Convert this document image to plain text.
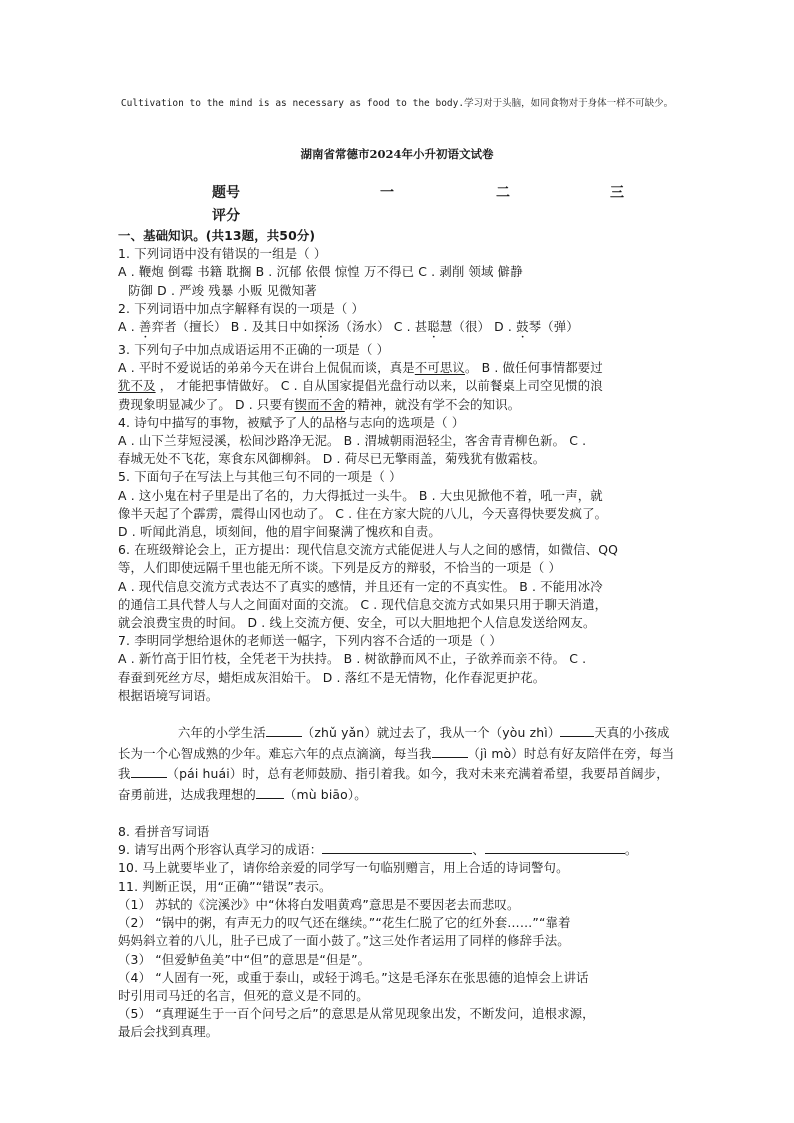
Cultivation to the mind is as necessary as food to the body.学习对于头脑，如同食物对于身体一样不可缺少。
湖南省常德市2024年小升初语文试卷
题号	一	二	三
评分

一、基础知识。(共13题，共50分)

1. 下列词语中没有错误的一组是（ ）

A . 鞭炮 倒霉 书籍 耽搁 B . 沉郁 依偎 惊惶 万不得已 C . 剥削 领域 僻静

防御 D . 严竣 残暴 小贩 见微知著

2. 下列词语中加点字解释有误的一项是（ ）

A . 善弈者（擅长） B . 及其日中如探汤（汤水） C . 甚聪慧（很） D . 鼓琴（弹）

3. 下列句子中加点成语运用不正确的一项是（ ）

A . 平时不爱说话的弟弟今天在讲台上侃侃而谈，真是不可思议。 B . 做任何事情都要过

犹不及 ， 才能把事情做好。 C . 自从国家提倡光盘行动以来，以前餐桌上司空见惯的浪

费现象明显减少了。 D . 只要有锲而不舍的精神，就没有学不会的知识。

4. 诗句中描写的事物，被赋予了人的品格与志向的选项是（ ）

A . 山下兰芽短浸溪，松间沙路净无泥。 B . 渭城朝雨浥轻尘，客舍青青柳色新。 C .

春城无处不飞花，寒食东风御柳斜。 D . 荷尽已无擎雨盖，菊残犹有傲霜枝。

5. 下面句子在写法上与其他三句不同的一项是（ ）

A . 这小鬼在村子里是出了名的，力大得抵过一头牛。 B . 大虫见掀他不着，吼一声，就

像半天起了个霹雳，震得山冈也动了。 C . 住在方家大院的八儿，今天喜得快要发疯了。

D . 听闻此消息，顷刻间，他的眉宇间聚满了愧疚和自责。

6. 在班级辩论会上，正方提出：现代信息交流方式能促进人与人之间的感情，如微信、QQ

等，人们即使远隔千里也能无所不谈。下列是反方的辩驳，不恰当的一项是（ ）

A . 现代信息交流方式表达不了真实的感情，并且还有一定的不真实性。 B . 不能用冰冷

的通信工具代替人与人之间面对面的交流。 C . 现代信息交流方式如果只用于聊天消遣，

就会浪费宝贵的时间。 D . 线上交流方便、安全，可以大胆地把个人信息发送给网友。

7. 李明同学想给退休的老师送一幅字，下列内容不合适的一项是（ ）

A . 新竹高于旧竹枝，全凭老干为扶持。 B . 树欲静而风不止，子欲养而亲不待。 C .

春蚕到死丝方尽，蜡炬成灰泪始干。 D . 落红不是无情物，化作春泥更护花。

根据语境写词语。

六年的小学生活	（zhǔ yǎn）就过去了，我从一个（yòu zhì）	天真的小孩成长为一个心智成熟的少年。难忘六年的点点滴滴，每当我	（jì mò）时总有好友陪伴在旁，每当我	（pái huái）时，总有老师鼓励、指引着我。如今，我对未来充满着希望，我要昂首阔步，奋勇前进，达成我理想的 （mù biāo）。

8. 看拼音写词语

9. 请写出两个形容认真学习的成语：	、	。

10. 马上就要毕业了，请你给亲爱的同学写一句临别赠言，用上合适的诗词警句。

11. 判断正误，用“正确”“错误”表示。

（1） 苏轼的《浣溪沙》中“休将白发唱黄鸡”意思是不要因老去而悲叹。

（2） “锅中的粥，有声无力的叹气还在继续。”“花生仁脱了它的红外套……”“靠着

妈妈斜立着的八儿，肚子已成了一面小鼓了。”这三处作者运用了同样的修辞手法。

（3） “但爱鲈鱼美”中“但”的意思是“但是”。

（4） “人固有一死，或重于泰山，或轻于鸿毛。”这是毛泽东在张思德的追悼会上讲话

时引用司马迁的名言，但死的意义是不同的。

（5） “真理诞生于一百个问号之后”的意思是从常见现象出发，不断发问，追根求源，

最后会找到真理。
